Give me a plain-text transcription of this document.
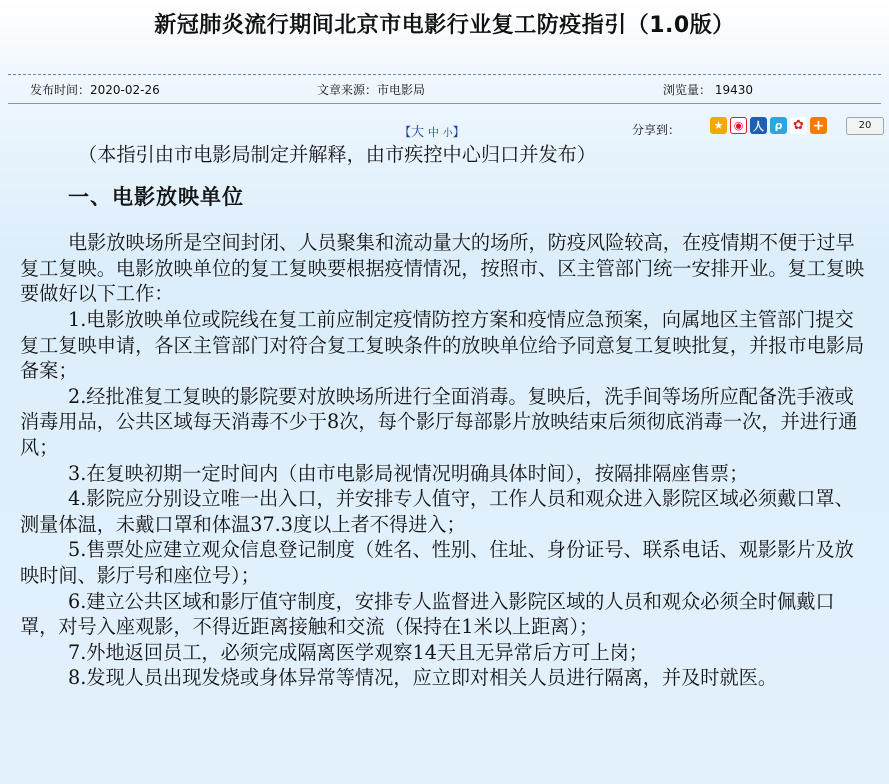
新冠肺炎流行期间北京市电影行业复工防疫指引（1.0版）
发布时间：2020-02-26	文章来源：市电影局	浏览量： 19430
【大 中 小】	分享到：	★ ◉ 人 ρ ✿ +	20

（本指引由市电影局制定并解释，由市疾控中心归口并发布）

一、电影放映单位

电影放映场所是空间封闭、人员聚集和流动量大的场所，防疫风险较高，在疫情期不便于过早复工复映。电影放映单位的复工复映要根据疫情情况，按照市、区主管部门统一安排开业。复工复映要做好以下工作：

1.电影放映单位或院线在复工前应制定疫情防控方案和疫情应急预案，向属地区主管部门提交复工复映申请，各区主管部门对符合复工复映条件的放映单位给予同意复工复映批复，并报市电影局备案；

2.经批准复工复映的影院要对放映场所进行全面消毒。复映后，洗手间等场所应配备洗手液或消毒用品，公共区域每天消毒不少于8次，每个影厅每部影片放映结束后须彻底消毒一次，并进行通风；

3.在复映初期一定时间内（由市电影局视情况明确具体时间），按隔排隔座售票；

4.影院应分别设立唯一出入口，并安排专人值守，工作人员和观众进入影院区域必须戴口罩、测量体温，未戴口罩和体温37.3度以上者不得进入；

5.售票处应建立观众信息登记制度（姓名、性别、住址、身份证号、联系电话、观影影片及放映时间、影厅号和座位号）；

6.建立公共区域和影厅值守制度，安排专人监督进入影院区域的人员和观众必须全时佩戴口罩，对号入座观影，不得近距离接触和交流（保持在1米以上距离）；

7.外地返回员工，必须完成隔离医学观察14天且无异常后方可上岗；

8.发现人员出现发烧或身体异常等情况，应立即对相关人员进行隔离，并及时就医。
